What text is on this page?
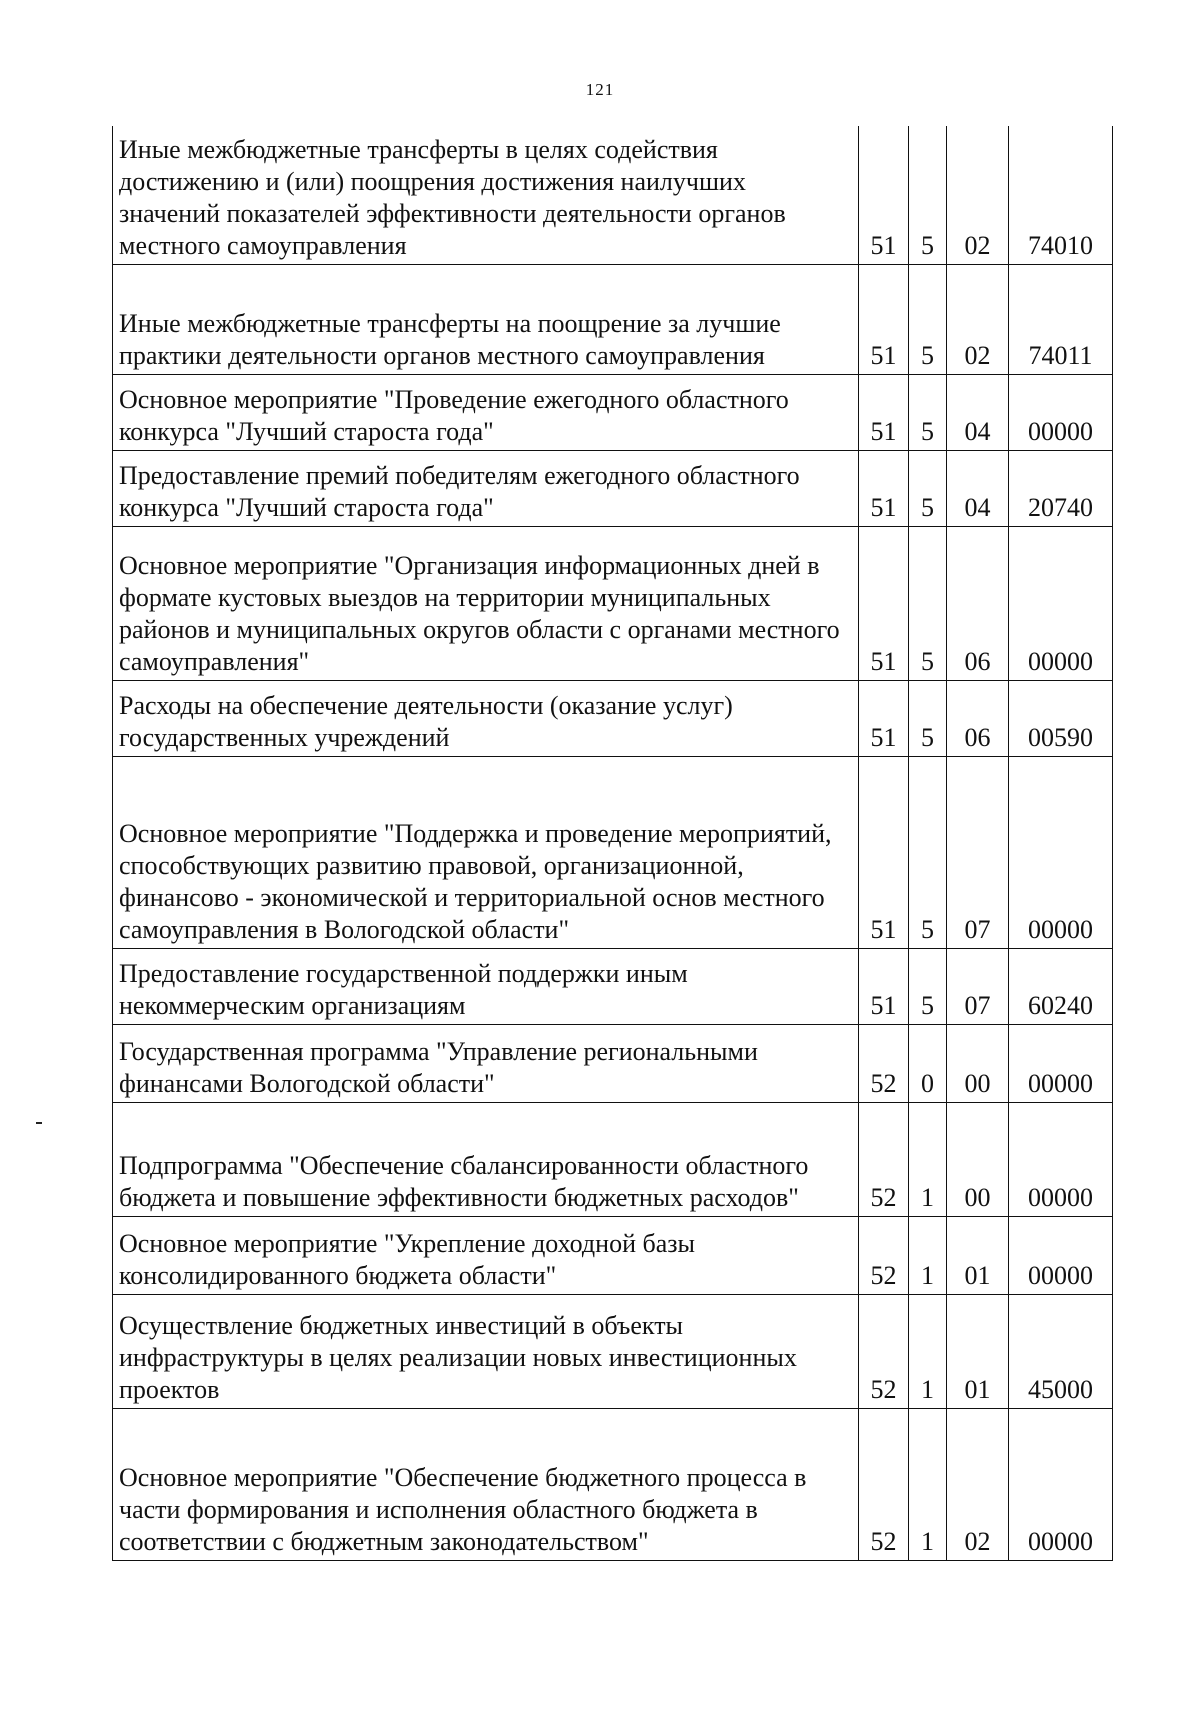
121
Иные межбюджетные трансферты в целях содействия достижению и (или) поощрения достижения наилучших значений показателей эффективности деятельности органов местного самоуправления	51	5	02	74010
Иные межбюджетные трансферты на поощрение за лучшие практики деятельности органов местного самоуправления	51	5	02	74011
Основное мероприятие "Проведение ежегодного областного конкурса "Лучший староста года"	51	5	04	00000
Предоставление премий победителям ежегодного областного конкурса "Лучший староста года"	51	5	04	20740
Основное мероприятие "Организация информационных дней в формате кустовых выездов на территории муниципальных районов и муниципальных округов области с органами местного самоуправления"	51	5	06	00000
Расходы на обеспечение деятельности (оказание услуг) государственных учреждений	51	5	06	00590
Основное мероприятие "Поддержка и проведение мероприятий, способствующих развитию правовой, организационной, финансово - экономической и территориальной основ местного самоуправления в Вологодской области"	51	5	07	00000
Предоставление государственной поддержки иным некоммерческим организациям	51	5	07	60240
Государственная программа "Управление региональными финансами Вологодской области"	52	0	00	00000
Подпрограмма "Обеспечение сбалансированности областного бюджета и повышение эффективности бюджетных расходов"	52	1	00	00000
Основное мероприятие "Укрепление доходной базы консолидированного бюджета области"	52	1	01	00000
Осуществление бюджетных инвестиций в объекты инфраструктуры в целях реализации новых инвестиционных проектов	52	1	01	45000
Основное мероприятие "Обеспечение бюджетного процесса в части формирования и исполнения областного бюджета в соответствии с бюджетным законодательством"	52	1	02	00000
